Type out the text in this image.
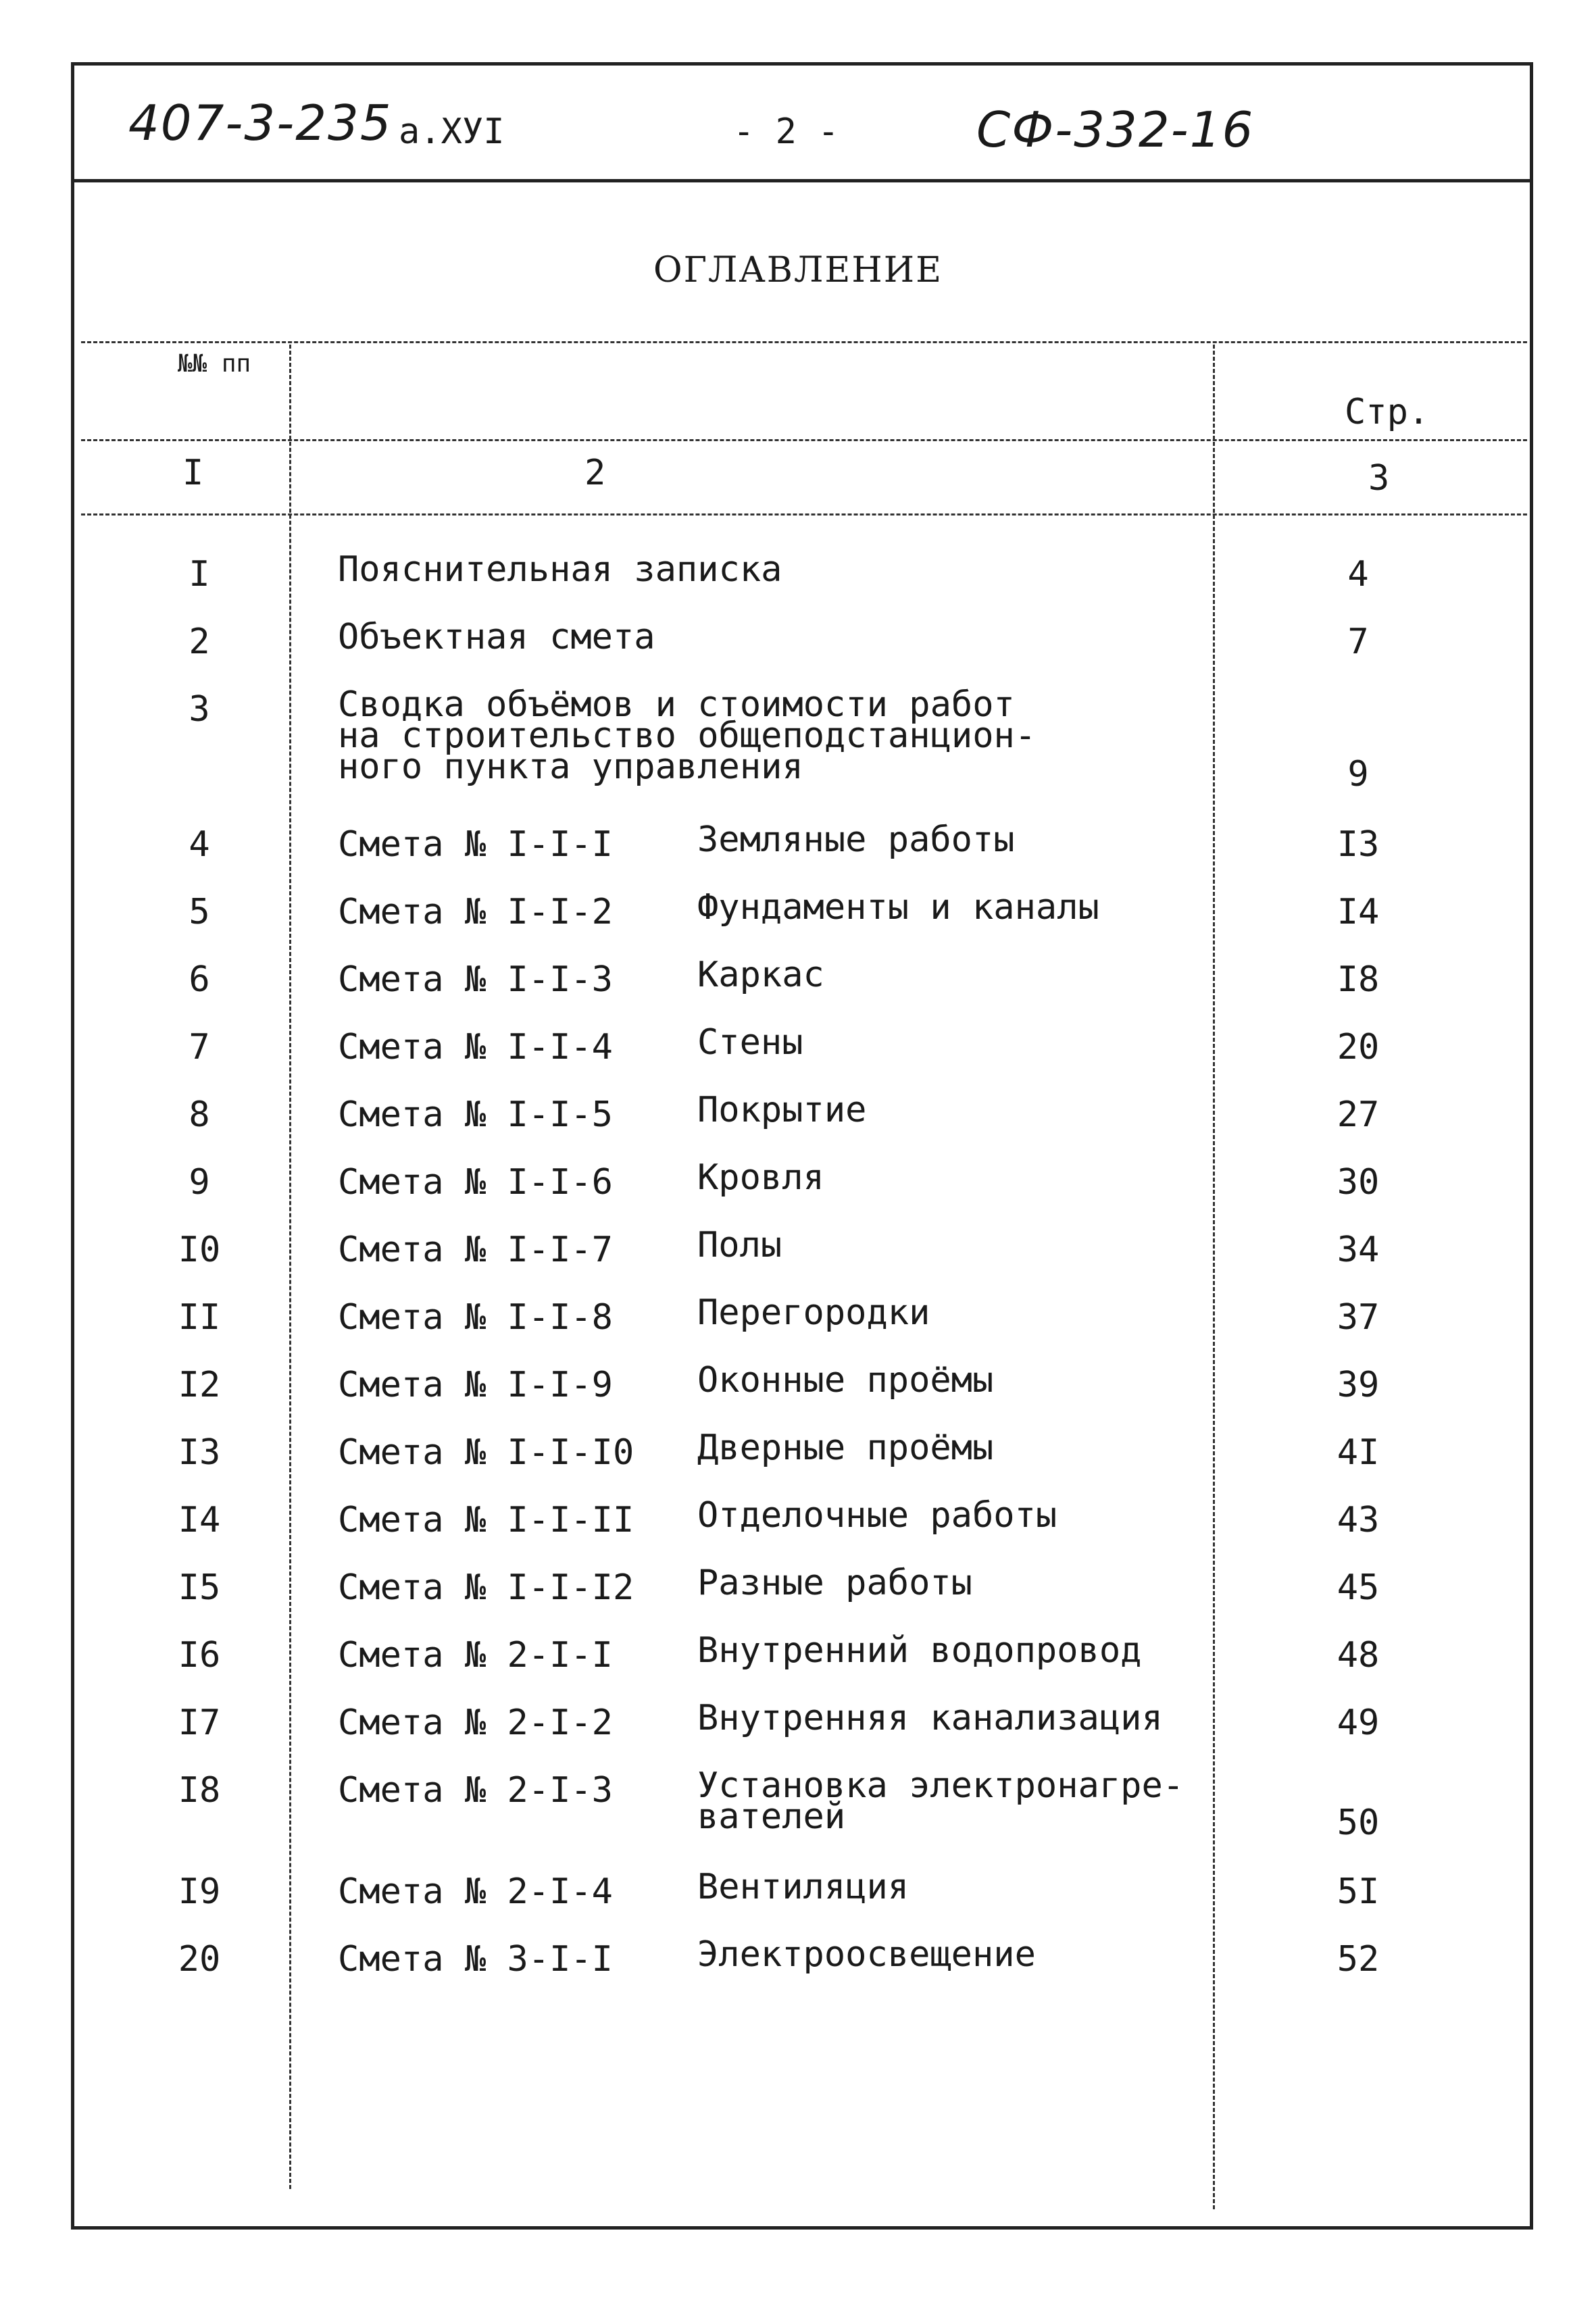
407-3-235 а.ХУI	- 2 -	СФ-332-16
ОГЛАВЛЕНИЕ
№№ пп
Стр.
I	2	3
I	Пояснительная записка	4
2	Объектная смета	7
3	Сводка объёмов и стоимости работ
на строительство общеподстанцион-
ного пункта управления	9
4	Смета № I-I-I Земляные работы	I3
5	Смета № I-I-2 Фундаменты и каналы	I4
6	Смета № I-I-3 Каркас	I8
7	Смета № I-I-4 Стены	20
8	Смета № I-I-5 Покрытие	27
9	Смета № I-I-6 Кровля	30
I0	Смета № I-I-7 Полы	34
II	Смета № I-I-8 Перегородки	37
I2	Смета № I-I-9 Оконные проёмы	39
I3	Смета № I-I-I0 Дверные проёмы	4I
I4	Смета № I-I-II Отделочные работы	43
I5	Смета № I-I-I2 Разные работы	45
I6	Смета № 2-I-I Внутренний водопровод	48
I7	Смета № 2-I-2 Внутренняя канализация	49
I8	Смета № 2-I-3 Установка электронагре-
вателей	50
I9	Смета № 2-I-4 Вентиляция	5I
20	Смета № 3-I-I Электроосвещение	52
